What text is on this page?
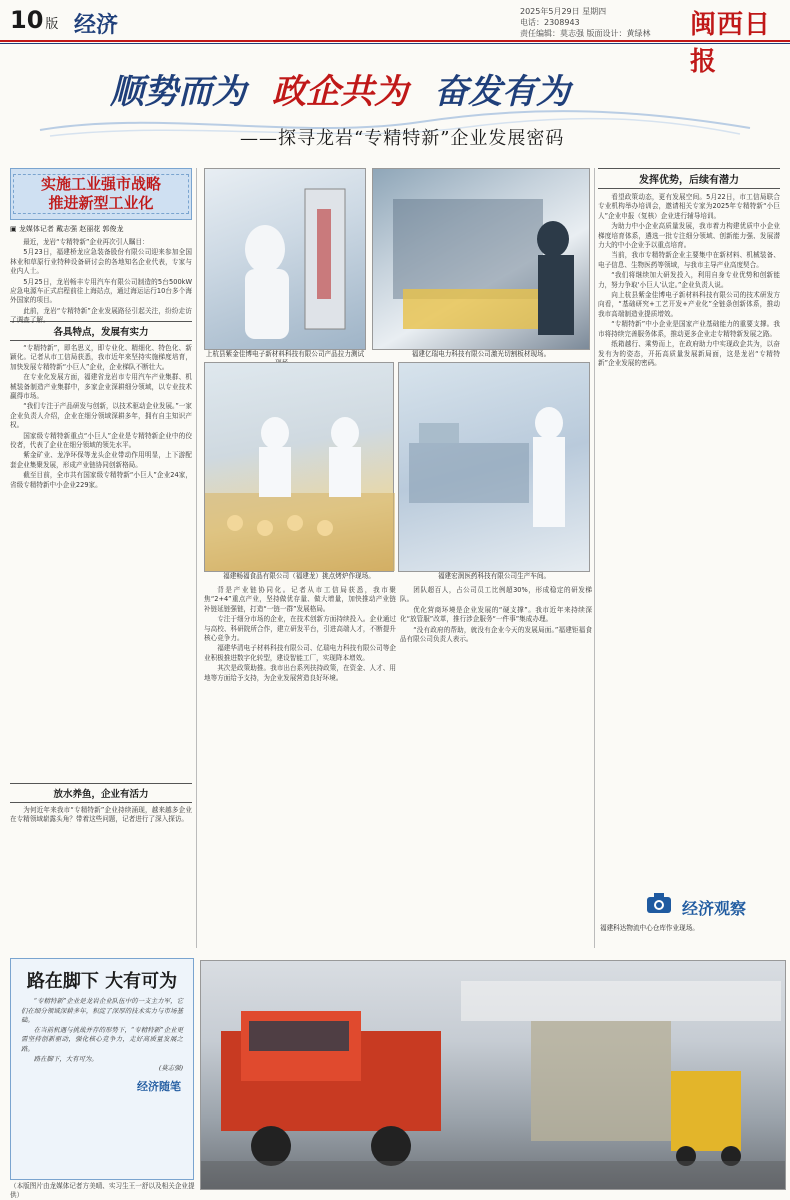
10 版 经济
2025年5月29日 星期四
电话：2308943
责任编辑：莫志强 版面设计：黄绿林	闽西日报
顺势而为 政企共为 奋发有为
——探寻龙岩“专精特新”企业发展密码
实施工业强市战略
推进新型工业化
▣ 龙媒体记者 戴志强 赵丽花 郭俊龙

最近，龙岩“专精特新”企业再次引人瞩目：

5月23日，福建桥龙应急装备股份有限公司迎来参加全国林业和草原行业特种设备研讨会的各地知名企业代表，专家与业内人士。

5月25日，龙岩畅丰专用汽车有限公司制造的5台500kW应急电源车正式启程前往上海站点，通过海运运行10台多个海外国家的项目。

此前，龙岩“专精特新”企业发展路径引起关注，纷纷走访了调查了解。

各具特点，发展有实力

“专精特新”，即名思义，即专业化、精细化、特色化、新颖化。记者从市工信局获悉，我市近年来坚持实施梯度培育，加快发展专精特新“小巨人”企业，企业梯队不断壮大。

在专业化发展方面，福建省龙岩市专用汽车产业集群、机械装备制造产业集群中，多家企业深耕细分领域，以专业技术赢得市场。

“我们专注于产品研发与创新，以技术驱动企业发展。”一家企业负责人介绍，企业在细分领域深耕多年，拥有自主知识产权。

国家级专精特新重点“小巨人”企业是专精特新企业中的佼佼者，代表了企业在细分领域的领先水平。

紫金矿业、龙净环保等龙头企业带动作用明显，上下游配套企业集聚发展，形成产业链协同创新格局。

截至目前，全市共有国家级专精特新“小巨人”企业24家，省级专精特新中小企业229家。

放水养鱼，企业有活力

为何近年来我市“专精特新”企业持续涌现，越来越多企业在专精领域崭露头角？带着这些问题，记者进行了深入探访。

路在脚下 大有可为

“专精特新”企业是龙岩企业队伍中的一支主力军，它们在细分领域深耕多年，积淀了深厚的技术实力与市场基础。

在当前机遇与挑战并存的形势下，“专精特新”企业更需坚持创新驱动，强化核心竞争力，走好高质量发展之路。

路在脚下，大有可为。

(莫志强)
经济随笔
（本版图片由龙媒体记者方美晴、实习生王一舒以及相关企业提供）
上杭县紫金佳博电子新材料科技有限公司产品拉力测试	福建亿瑞电力科技有限公司激光切割板材现场。
福建畅福食品有限公司（福建龙）挑点烤炉作现场。	福建宏润医药科技有限公司生产车间。

背是产业链协同化。记者从市工信局获悉，我市聚焦“2+4”重点产业，坚持做优存量、做大增量，加快推动产业链补链延链强链，打造“一链一群”发展格局。

专注于细分市场的企业，在技术创新方面持续投入。企业通过与高校、科研院所合作，建立研发平台，引进高端人才，不断提升核心竞争力。

福建华清电子材料科技有限公司、亿瑞电力科技有限公司等企业积极推进数字化转型，建设智能工厂，实现降本增效。

其次是政策助推。我市出台系列扶持政策，在资金、人才、用地等方面给予支持，为企业发展营造良好环境。

团队超百人，占公司员工比例超30%，形成稳定的研发梯队。

优化营商环境是企业发展的“硬支撑”。我市近年来持续深化“放管服”改革，推行涉企服务“一件事”集成办理。

“没有政府的帮助，就没有企业今天的发展局面。”福建钜福食品有限公司负责人表示。

发挥优势，后续有潜力

看望政策动态，更有发展空间。5月22日，市工信局联合专业机构举办培训会，邀请相关专家为2025年专精特新“小巨人”企业申报（复核）企业进行辅导培训。

为助力中小企业高质量发展，我市着力构建优质中小企业梯度培育体系，遴选一批专注细分领域、创新能力强、发展潜力大的中小企业予以重点培育。

当前，我市专精特新企业主要集中在新材料、机械装备、电子信息、生物医药等领域，与我市主导产业高度契合。

“我们将继续加大研发投入，利用自身专业优势和创新能力，努力争取‘小巨人’认定。”企业负责人说。

向上杭县紫金佳博电子新材料科技有限公司的技术研发方向看，“基础研究+工艺开发+产业化”全链条创新体系，推动我市高端制造业提质增效。

“专精特新”中小企业是国家产业基础能力的重要支撑。我市将持续完善服务体系，推动更多企业走专精特新发展之路。

纸箱越行、乘势而上，在政府助力中实现政企共为，以奋发有为的姿态，开拓高质量发展新局面，这是龙岩“专精特新”企业发展的密码。

经济观察
福建科达物流中心仓库作业现场。
